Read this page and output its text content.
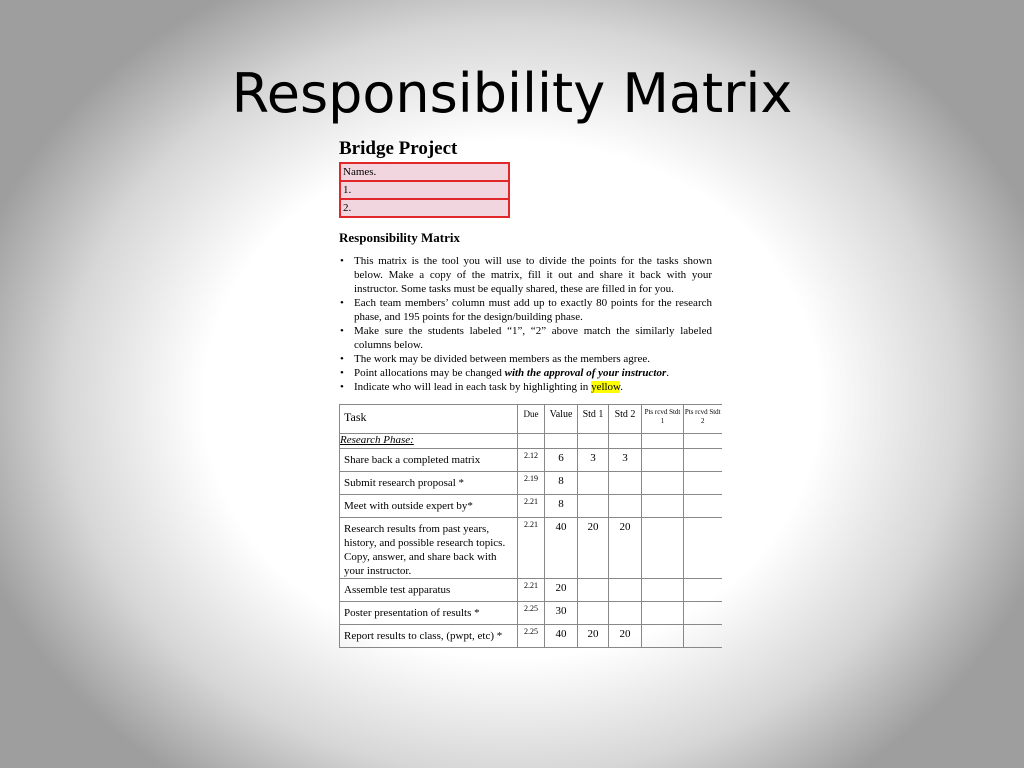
Responsibility Matrix
Bridge Project
Names.
1.
2.
Responsibility Matrix
• This matrix is the tool you will use to divide the points for the tasks shown below. Make a copy of the matrix, fill it out and share it back with your instructor. Some tasks must be equally shared, these are filled in for you.
• Each team members’ column must add up to exactly 80 points for the research phase, and 195 points for the design/building phase.
• Make sure the students labeled “1”, “2” above match the similarly labeled columns below.
• The work may be divided between members as the members agree.
• Point allocations may be changed with the approval of your instructor.
• Indicate who will lead in each task by highlighting in yellow.
Task	Due	Value	Std 1	Std 2	Pts rcvd Stdt 1	Pts rcvd Stdt 2
Research Phase:						
Share back a completed matrix	2.12	6	3	3		
Submit research proposal *	2.19	8				
Meet with outside expert by*	2.21	8				
Research results from past years, history, and possible research topics. Copy, answer, and share back with your instructor.	2.21	40	20	20		
Assemble test apparatus	2.21	20				
Poster presentation of results *	2.25	30				
Report results to class, (pwpt, etc) *	2.25	40	20	20		
